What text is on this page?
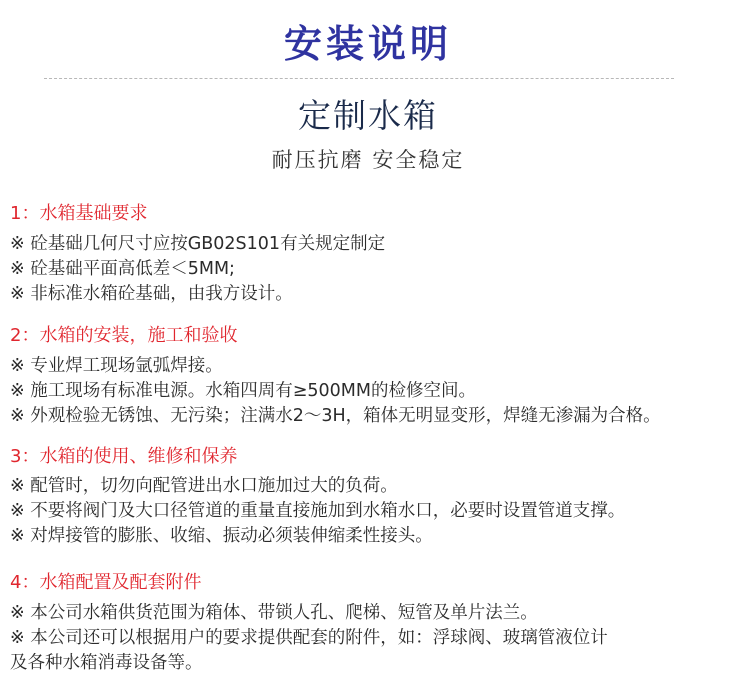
安装说明
定制水箱
耐压抗磨 安全稳定
1：水箱基础要求
※ 砼基础几何尺寸应按GB02S101有关规定制定
※ 砼基础平面高低差＜5MM;
※ 非标准水箱砼基础，由我方设计。
2：水箱的安装，施工和验收
※ 专业焊工现场氩弧焊接。
※ 施工现场有标准电源。水箱四周有≥500MM的检修空间。
※ 外观检验无锈蚀、无污染；注满水2～3H，箱体无明显变形，焊缝无渗漏为合格。
3：水箱的使用、维修和保养
※ 配管时，切勿向配管进出水口施加过大的负荷。
※ 不要将阀门及大口径管道的重量直接施加到水箱水口，必要时设置管道支撑。
※ 对焊接管的膨胀、收缩、振动必须装伸缩柔性接头。
4：水箱配置及配套附件
※ 本公司水箱供货范围为箱体、带锁人孔、爬梯、短管及单片法兰。
※ 本公司还可以根据用户的要求提供配套的附件，如：浮球阀、玻璃管液位计
及各种水箱消毒设备等。
